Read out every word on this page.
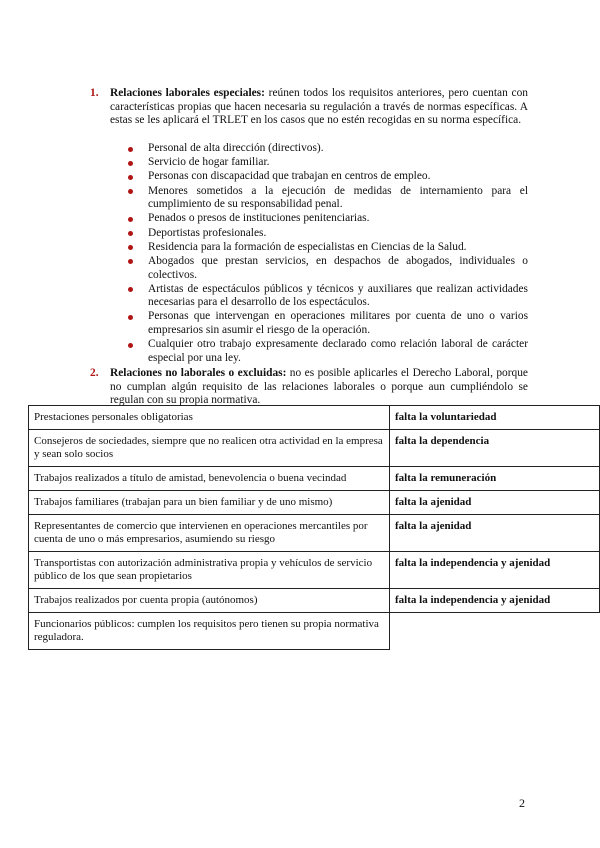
1. Relaciones laborales especiales: reúnen todos los requisitos anteriores, pero cuentan con características propias que hacen necesaria su regulación a través de normas específicas. A estas se les aplicará el TRLET en los casos que no estén recogidas en su norma específica.
Personal de alta dirección (directivos).
Servicio de hogar familiar.
Personas con discapacidad que trabajan en centros de empleo.
Menores sometidos a la ejecución de medidas de internamiento para el cumplimiento de su responsabilidad penal.
Penados o presos de instituciones penitenciarias.
Deportistas profesionales.
Residencia para la formación de especialistas en Ciencias de la Salud.
Abogados que prestan servicios, en despachos de abogados, individuales o colectivos.
Artistas de espectáculos públicos y técnicos y auxiliares que realizan actividades necesarias para el desarrollo de los espectáculos.
Personas que intervengan en operaciones militares por cuenta de uno o varios empresarios sin asumir el riesgo de la operación.
Cualquier otro trabajo expresamente declarado como relación laboral de carácter especial por una ley.
2. Relaciones no laborales o excluidas: no es posible aplicarles el Derecho Laboral, porque no cumplan algún requisito de las relaciones laborales o porque aun cumpliéndolo se regulan con su propia normativa.
Prestaciones personales obligatorias	falta la voluntariedad
Consejeros de sociedades, siempre que no realicen otra actividad en la empresa y sean solo socios	falta la dependencia
Trabajos realizados a título de amistad, benevolencia o buena vecindad	falta la remuneración
Trabajos familiares (trabajan para un bien familiar y de uno mismo)	falta la ajenidad
Representantes de comercio que intervienen en operaciones mercantiles por cuenta de uno o más empresarios, asumiendo su riesgo	falta la ajenidad
Transportistas con autorización administrativa propia y vehículos de servicio público de los que sean propietarios	falta la independencia y ajenidad
Trabajos realizados por cuenta propia (autónomos)	falta la independencia y ajenidad
Funcionarios públicos: cumplen los requisitos pero tienen su propia normativa reguladora.	
2
